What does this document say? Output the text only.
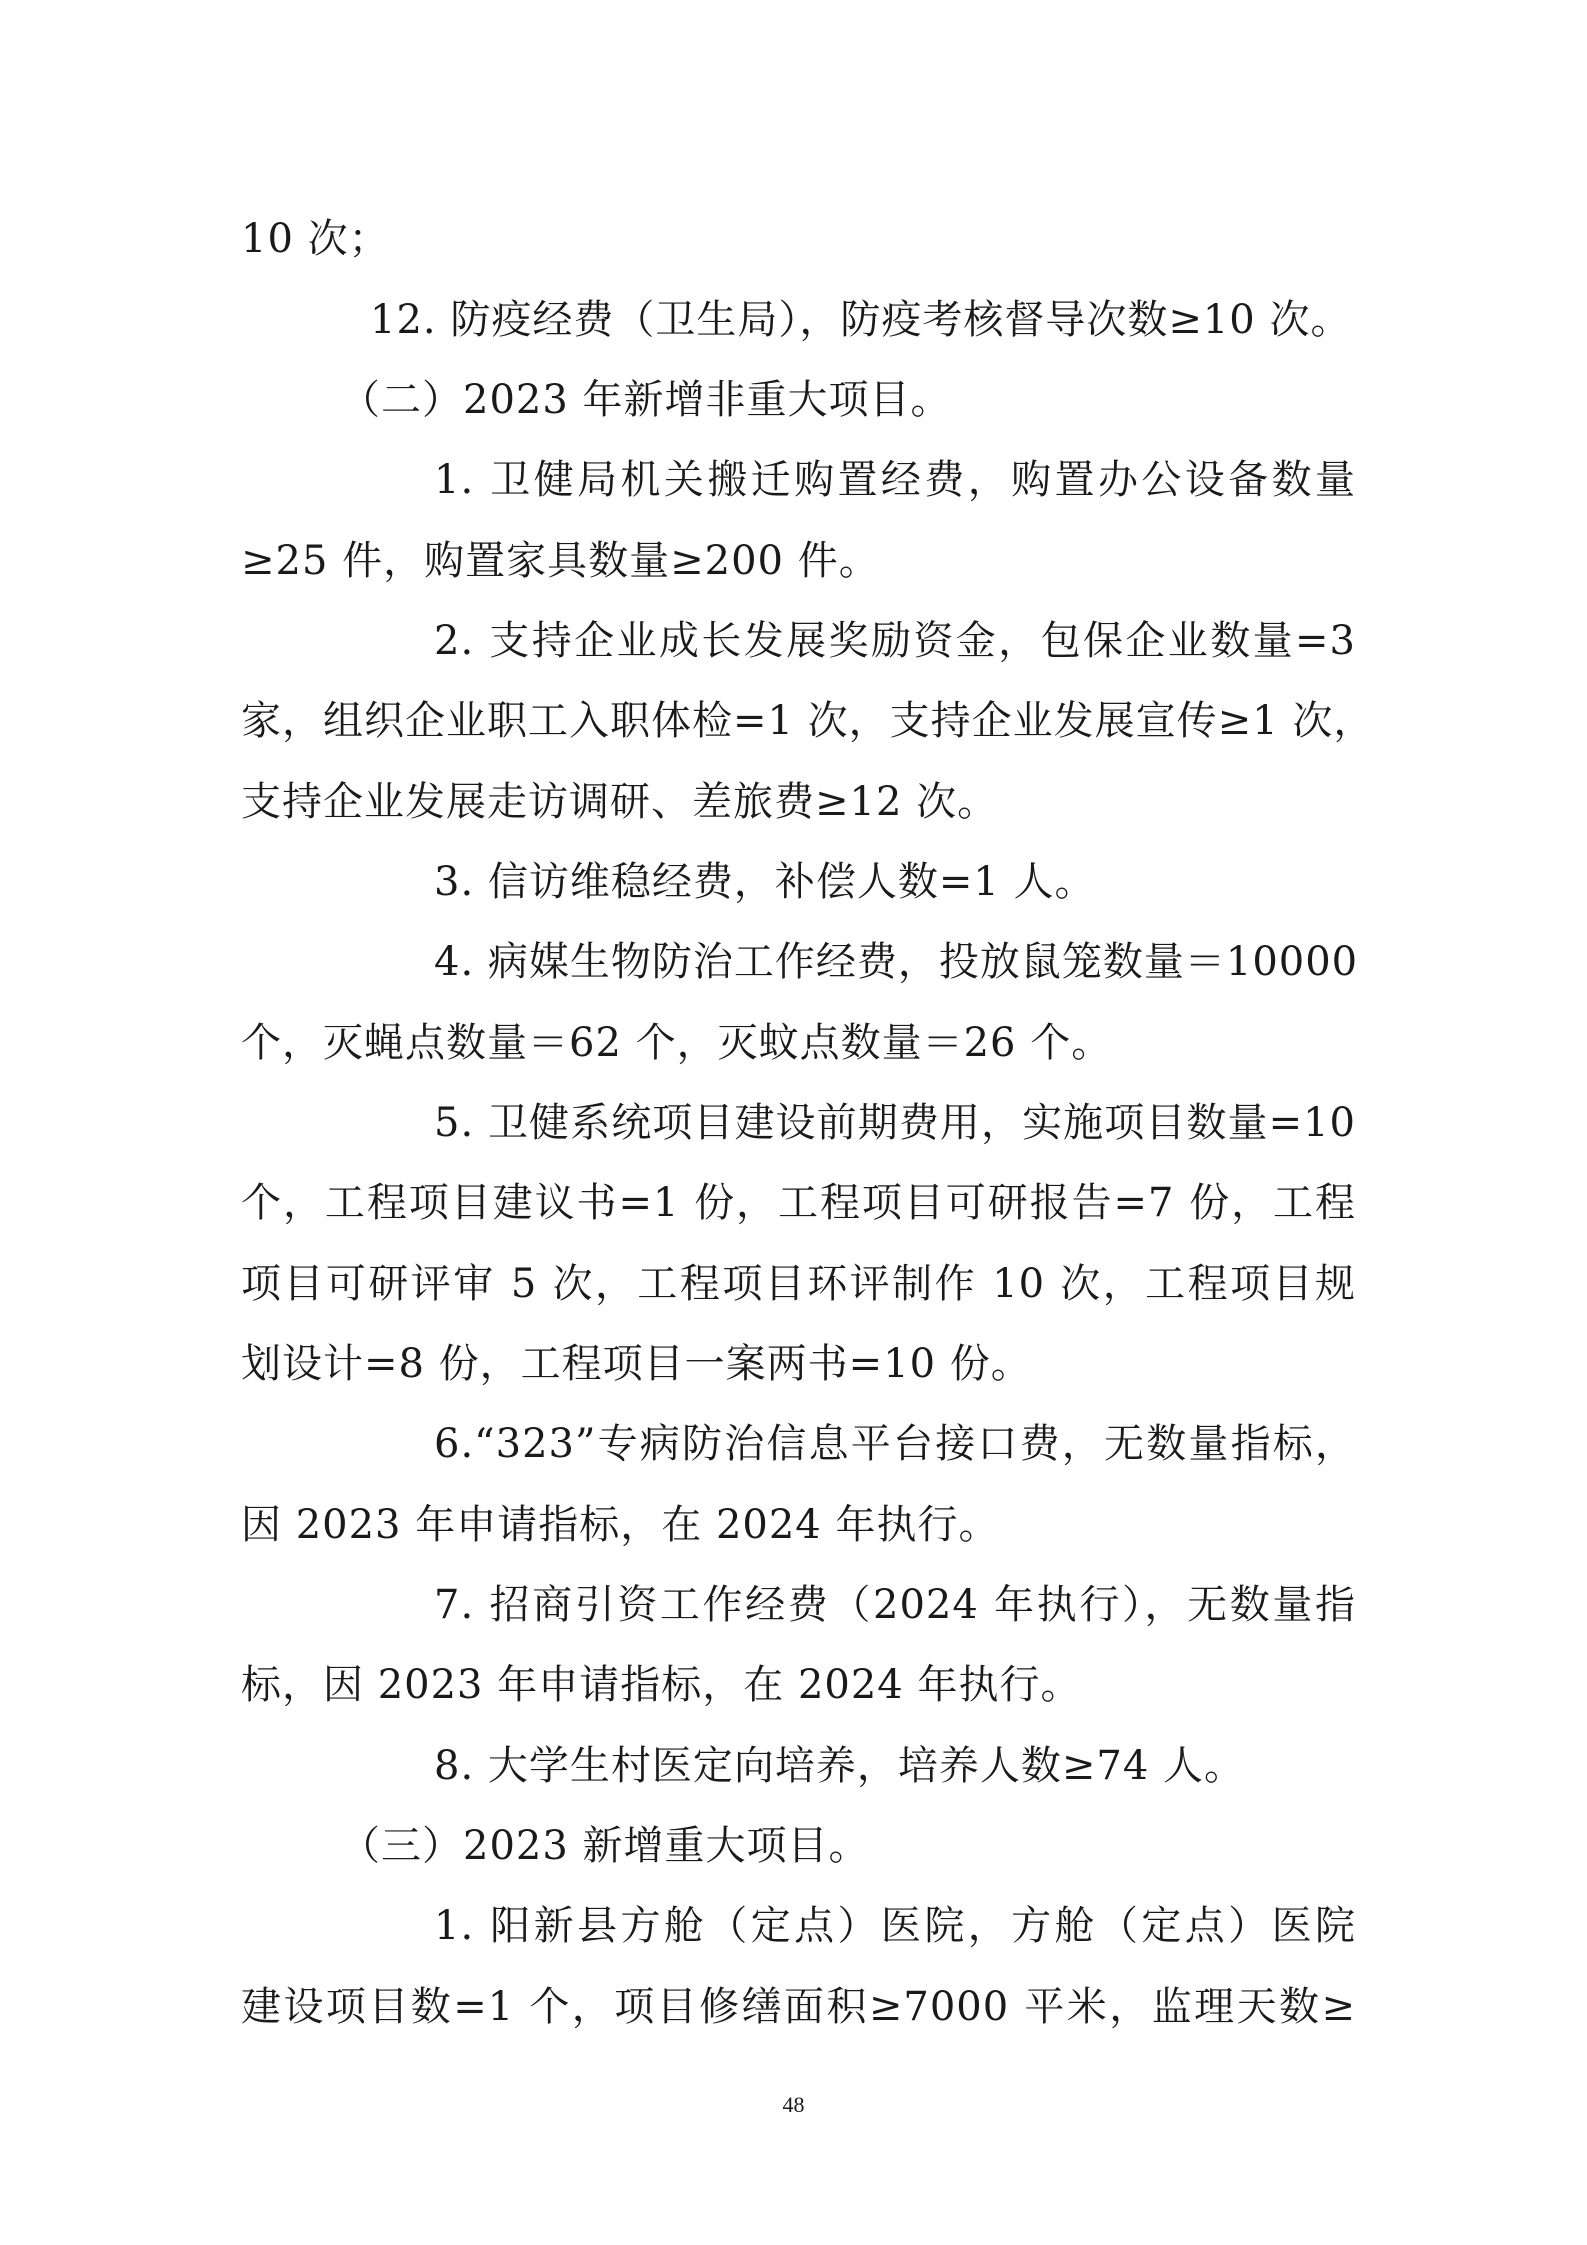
10 次；
12. 防疫经费（卫生局），防疫考核督导次数≥10 次。
（二）2023 年新增非重大项目。
1. 卫健局机关搬迁购置经费，购置办公设备数量
≥25 件，购置家具数量≥200 件。
2. 支持企业成长发展奖励资金，包保企业数量=3
家，组织企业职工入职体检=1 次，支持企业发展宣传≥1 次，
支持企业发展走访调研、差旅费≥12 次。
3. 信访维稳经费，补偿人数=1 人。
4. 病媒生物防治工作经费，投放鼠笼数量＝10000
个，灭蝇点数量＝62 个，灭蚊点数量＝26 个。
5. 卫健系统项目建设前期费用，实施项目数量=10
个，工程项目建议书=1 份，工程项目可研报告=7 份，工程
项目可研评审 5 次，工程项目环评制作 10 次，工程项目规
划设计=8 份，工程项目一案两书=10 份。
6.“323”专病防治信息平台接口费，无数量指标，
因 2023 年申请指标，在 2024 年执行。
7. 招商引资工作经费（2024 年执行），无数量指
标，因 2023 年申请指标，在 2024 年执行。
8. 大学生村医定向培养，培养人数≥74 人。
（三）2023 新增重大项目。
1. 阳新县方舱（定点）医院，方舱（定点）医院
建设项目数=1 个，项目修缮面积≥7000 平米，监理天数≥
48
